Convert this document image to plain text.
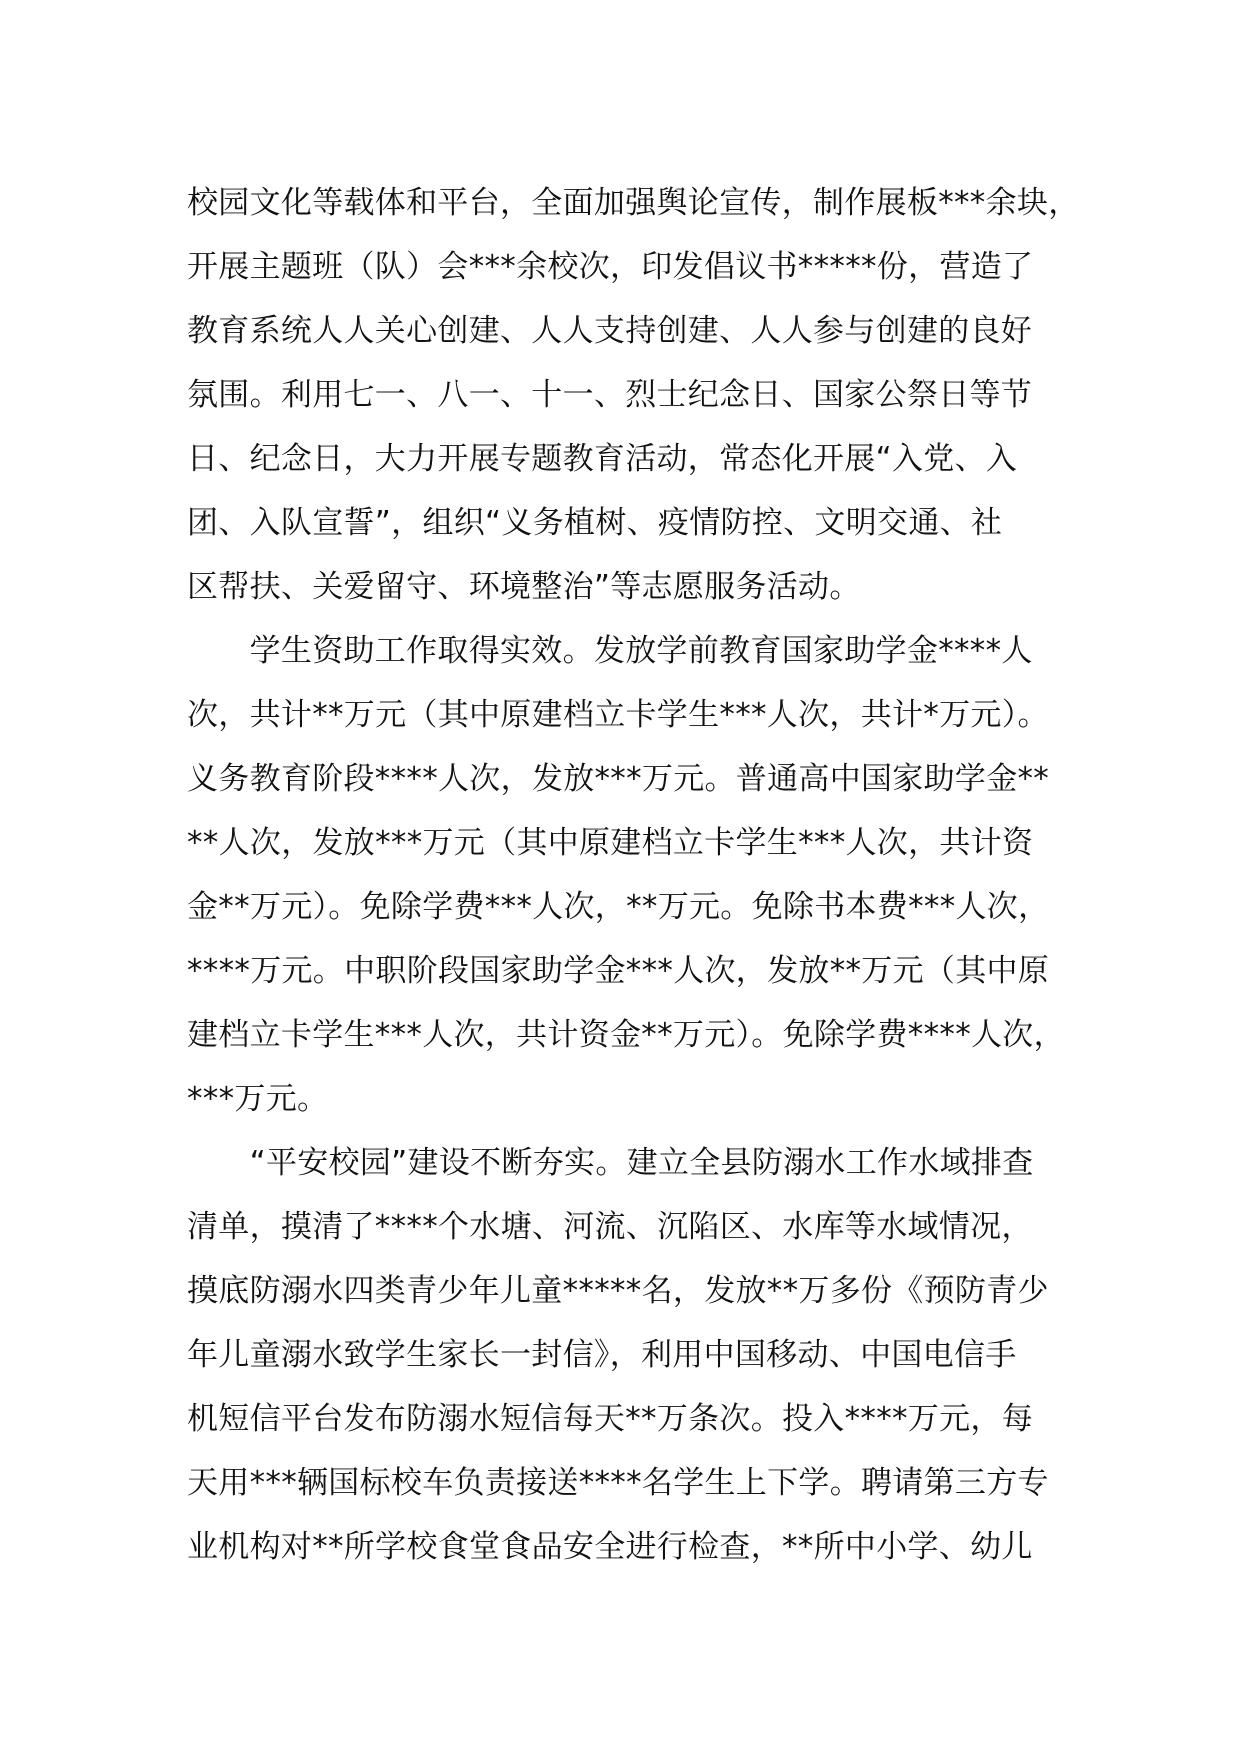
校园文化等载体和平台，全面加强舆论宣传，制作展板***余块，
开展主题班（队）会***余校次，印发倡议书*****份，营造了
教育系统人人关心创建、人人支持创建、人人参与创建的良好
氛围。利用七一、八一、十一、烈士纪念日、国家公祭日等节
日、纪念日，大力开展专题教育活动，常态化开展“入党、入
团、入队宣誓”，组织“义务植树、疫情防控、文明交通、社
区帮扶、关爱留守、环境整治”等志愿服务活动。
　　学生资助工作取得实效。发放学前教育国家助学金****人
次，共计**万元（其中原建档立卡学生***人次，共计*万元）。
义务教育阶段****人次，发放***万元。普通高中国家助学金**
**人次，发放***万元（其中原建档立卡学生***人次，共计资
金**万元）。免除学费***人次，**万元。免除书本费***人次，
****万元。中职阶段国家助学金***人次，发放**万元（其中原
建档立卡学生***人次，共计资金**万元）。免除学费****人次，
***万元。
　　“平安校园”建设不断夯实。建立全县防溺水工作水域排查
清单，摸清了****个水塘、河流、沉陷区、水库等水域情况，
摸底防溺水四类青少年儿童*****名，发放**万多份《预防青少
年儿童溺水致学生家长一封信》，利用中国移动、中国电信手
机短信平台发布防溺水短信每天**万条次。投入****万元，每
天用***辆国标校车负责接送****名学生上下学。聘请第三方专
业机构对**所学校食堂食品安全进行检查，**所中小学、幼儿
